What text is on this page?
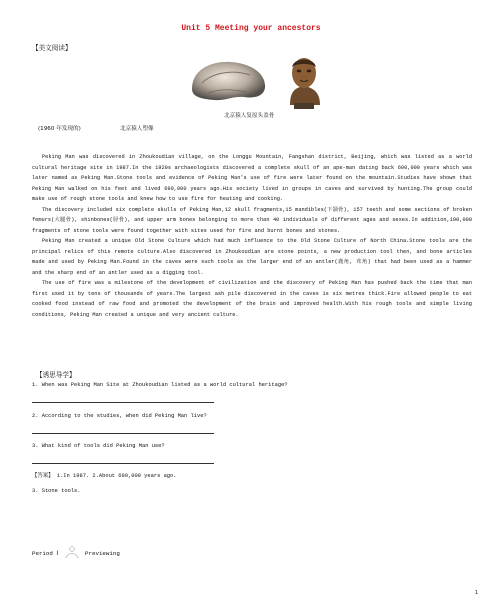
Unit 5 Meeting your ancestors
【美文阅读】
北京猿人复原头盖骨
(1960 年发现的)	北京猿人塑像

Peking Man was discovered in Zhoukoudian village, on the Longgu Mountain, Fangshan district, Beijing, which was listed as a world cultural heritage site in 1987.In the 1920s archaeologists discovered a complete skull of an ape-man dating back 600,000 years which was later named as Peking Man.Stone tools and evidence of Peking Man's use of fire were later found on the mountain.Studies have shown that Peking Man walked on his feet and lived 690,000 years ago.His society lived in groups in caves and survived by hunting.The group could make use of rough stone tools and knew how to use fire for heating and cooking.

The discovery included six complete skulls of Peking Man,12 skull fragments,15 mandibles(下颌骨), 157 teeth and some sections of broken femurs(大腿骨), shinbones(胫骨), and upper arm bones belonging to more than 40 individuals of different ages and sexes.In addition,100,000 fragments of stone tools were found together with sites used for fire and burnt bones and stones.

Peking Man created a unique Old Stone Culture which had much influence to the Old Stone Culture of North China.Stone tools are the principal relics of this remote culture.Also discovered in Zhoukoudian are stone points, a new production tool then, and bone articles made and used by Peking Man.Found in the caves were such tools as the larger end of an antler(鹿角, 茸角) that had been used as a hammer and the sharp end of an antler used as a digging tool.

The use of fire was a milestone of the development of civilization and the discovery of Peking Man has pushed back the time that man first used it by tens of thousands of years.The largest ash pile discovered in the caves is six metres thick.Fire allowed people to eat cooked food instead of raw food and promoted the development of the brain and improved health.With his rough tools and simple living conditions, Peking Man created a unique and very ancient culture.

【诱思导学】
1. When was Peking Man Site at Zhoukoudian listed as a world cultural heritage?
2. According to the studies, when did Peking Man live?
3. What kind of tools did Peking Man use?
【答案】 1.In 1987. 2.About 690,000 years ago.
3. Stone tools.
Period Ⅰ	Previewing
1
